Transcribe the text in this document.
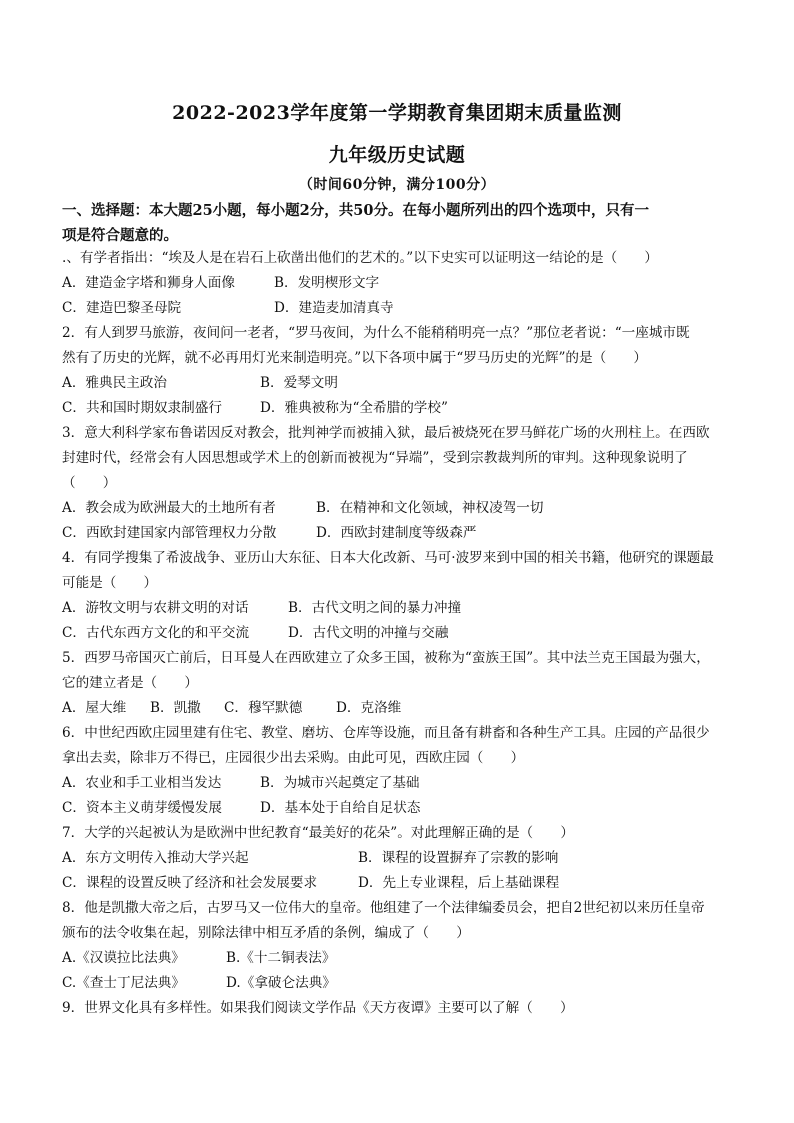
2022-2023学年度第一学期教育集团期末质量监测
九年级历史试题
（时间60分钟，满分100分）
一、选择题：本大题25小题，每小题2分，共50分。在每小题所列出的四个选项中，只有一
项是符合题意的。
.、有学者指出：“埃及人是在岩石上砍凿出他们的艺术的。”以下史实可以证明这一结论的是（　　）
A．建造金字塔和狮身人面像	B．发明楔形文字
C．建造巴黎圣母院	D．建造麦加清真寺
2．有人到罗马旅游，夜间问一老者，“罗马夜间，为什么不能稍稍明亮一点？”那位老者说：“一座城市既
然有了历史的光辉，就不必再用灯光来制造明亮。”以下各项中属于“罗马历史的光辉”的是（　　）
A．雅典民主政治	B．爱琴文明
C．共和国时期奴隶制盛行	D．雅典被称为“全希腊的学校”
3．意大利科学家布鲁诺因反对教会，批判神学而被捕入狱，最后被烧死在罗马鲜花广场的火刑柱上。在西欧
封建时代，经常会有人因思想或学术上的创新而被视为“异端”，受到宗教裁判所的审判。这种现象说明了
（　　）
A．教会成为欧洲最大的土地所有者	B．在精神和文化领域，神权凌驾一切
C．西欧封建国家内部管理权力分散	D．西欧封建制度等级森严
4．有同学搜集了希波战争、亚历山大东征、日本大化改新、马可·波罗来到中国的相关书籍，他研究的课题最
可能是（　　）
A．游牧文明与农耕文明的对话	B．古代文明之间的暴力冲撞
C．古代东西方文化的和平交流	D．古代文明的冲撞与交融
5．西罗马帝国灭亡前后，日耳曼人在西欧建立了众多王国，被称为“蛮族王国”。其中法兰克王国最为强大，
它的建立者是（　　）
A．屋大维	B．凯撒	C．穆罕默德	D．克洛维
6．中世纪西欧庄园里建有住宅、教堂、磨坊、仓库等设施，而且备有耕畜和各种生产工具。庄园的产品很少
拿出去卖，除非万不得已，庄园很少出去采购。由此可见，西欧庄园（　　）
A．农业和手工业相当发达	B．为城市兴起奠定了基础
C．资本主义萌芽缓慢发展	D．基本处于自给自足状态
7．大学的兴起被认为是欧洲中世纪教育“最美好的花朵”。对此理解正确的是（　　）
A．东方文明传入推动大学兴起	B．课程的设置摒弃了宗教的影响
C．课程的设置反映了经济和社会发展要求	D．先上专业课程，后上基础课程
8．他是凯撒大帝之后，古罗马又一位伟大的皇帝。他组建了一个法律编委员会，把自2世纪初以来历任皇帝
颁布的法令收集在起，别除法律中相互矛盾的条例，编成了（　　）
A.《汉谟拉比法典》	B.《十二铜表法》
C.《查士丁尼法典》	D.《拿破仑法典》
9．世界文化具有多样性。如果我们阅读文学作品《天方夜谭》主要可以了解（　　）
